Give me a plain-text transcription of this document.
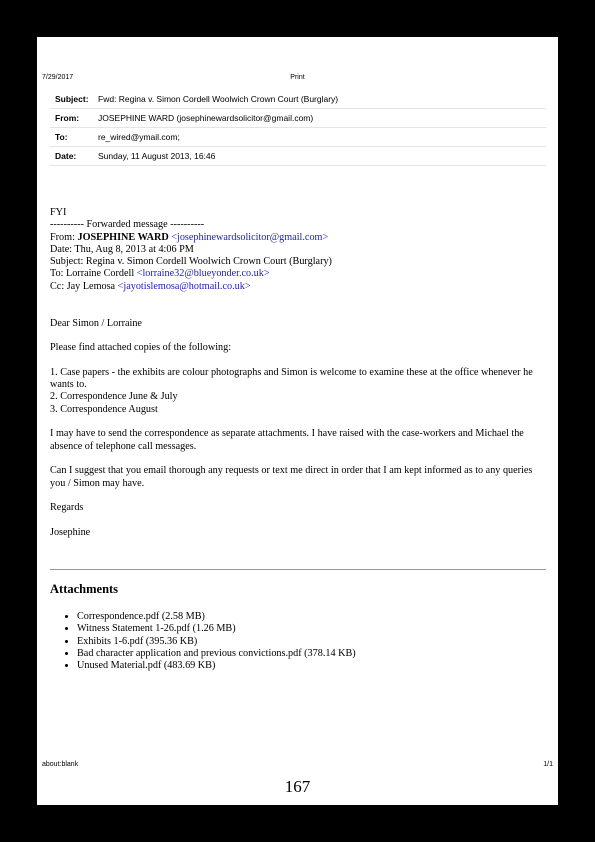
7/29/2017	Print
Subject:	Fwd: Regina v. Simon Cordell Woolwich Crown Court (Burglary)
From:	JOSEPHINE WARD (josephinewardsolicitor@gmail.com)
To:	re_wired@ymail.com;
Date:	Sunday, 11 August 2013, 16:46

FYI

---------- Forwarded message ----------

From: JOSEPHINE WARD <josephinewardsolicitor@gmail.com>

Date: Thu, Aug 8, 2013 at 4:06 PM

Subject: Regina v. Simon Cordell Woolwich Crown Court (Burglary)

To: Lorraine Cordell <lorraine32@blueyonder.co.uk>

Cc: Jay Lemosa <jayotislemosa@hotmail.co.uk>

Dear Simon / Lorraine

Please find attached copies of the following:

1. Case papers - the exhibits are colour photographs and Simon is welcome to examine these at the office whenever he wants to.

2. Correspondence June & July

3. Correspondence August

I may have to send the correspondence as separate attachments. I have raised with the case-workers and Michael the absence of telephone call messages.

Can I suggest that you email thorough any requests or text me direct in order that I am kept informed as to any queries you / Simon may have.

Regards

Josephine

Attachments
• Correspondence.pdf (2.58 MB)
• Witness Statement 1-26.pdf (1.26 MB)
• Exhibits 1-6.pdf (395.36 KB)
• Bad character application and previous convictions.pdf (378.14 KB)
• Unused Material.pdf (483.69 KB)
about:blank	1/1
167
